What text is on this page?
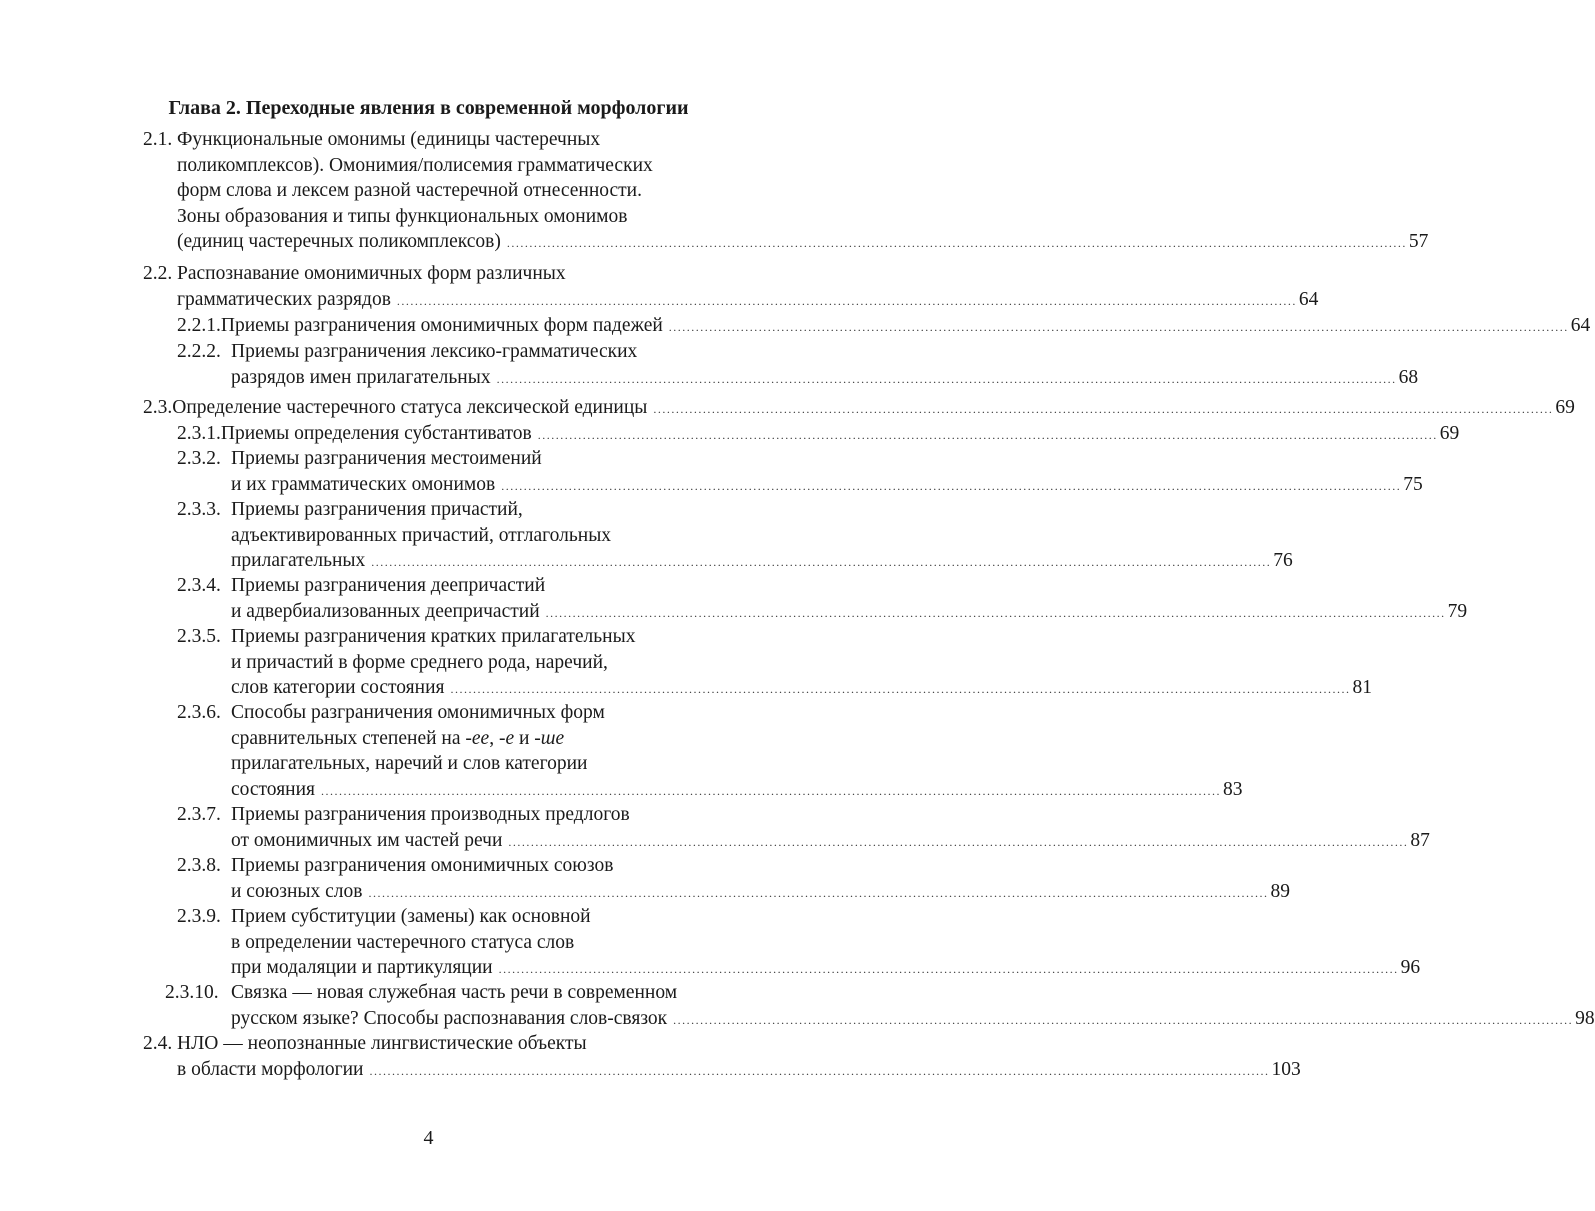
Глава 2. Переходные явления в современной морфологии
2.1. Функциональные омонимы (единицы частеречных
поликомплексов). Омонимия/полисемия грамматических
форм слова и лексем разной частеречной отнесенности.
Зоны образования и типы функциональных омонимов
(единиц частеречных поликомплексов) ........................................................................................................................................................................................................ 57
2.2. Распознавание омонимичных форм различных
грамматических разрядов ........................................................................................................................................................................................................ 64
2.2.1. Приемы разграничения омонимичных форм падежей ........................................................................................................................................................................................................ 64
2.2.2. Приемы разграничения лексико-грамматических
разрядов имен прилагательных ........................................................................................................................................................................................................ 68
2.3. Определение частеречного статуса лексической единицы ........................................................................................................................................................................................................ 69
2.3.1. Приемы определения субстантиватов ........................................................................................................................................................................................................ 69
2.3.2. Приемы разграничения местоимений
и их грамматических омонимов ........................................................................................................................................................................................................ 75
2.3.3. Приемы разграничения причастий,
адъективированных причастий, отглагольных
прилагательных ........................................................................................................................................................................................................ 76
2.3.4. Приемы разграничения деепричастий
и адвербиализованных деепричастий ........................................................................................................................................................................................................ 79
2.3.5. Приемы разграничения кратких прилагательных
и причастий в форме среднего рода, наречий,
слов категории состояния ........................................................................................................................................................................................................ 81
2.3.6. Способы разграничения омонимичных форм
сравнительных степеней на -ее, -е и -ше
прилагательных, наречий и слов категории
состояния ........................................................................................................................................................................................................ 83
2.3.7. Приемы разграничения производных предлогов
от омонимичных им частей речи ........................................................................................................................................................................................................ 87
2.3.8. Приемы разграничения омонимичных союзов
и союзных слов ........................................................................................................................................................................................................ 89
2.3.9. Прием субституции (замены) как основной
в определении частеречного статуса слов
при модаляции и партикуляции ........................................................................................................................................................................................................ 96
2.3.10. Связка — новая служебная часть речи в современном
русском языке? Способы распознавания слов-связок ........................................................................................................................................................................................................ 98
2.4. НЛО — неопознанные лингвистические объекты
в области морфологии ........................................................................................................................................................................................................ 103
4
